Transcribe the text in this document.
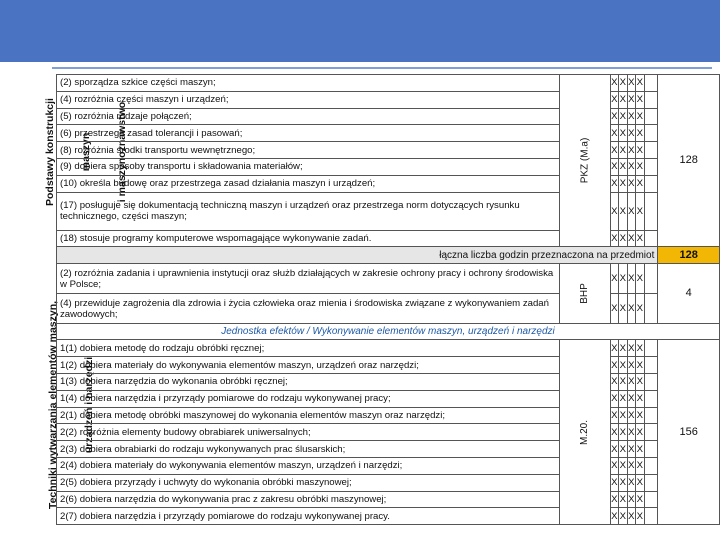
Podstawy konstrukcji

maszyn

i maszynoznawstwo

Techniki wytwarzania elementów maszyn,

urządzeń i narzędzi

(2) sporządza szkice części maszyn;	PKZ (M.a)	X	X	X	X		128
(4) rozróżnia części maszyn i urządzeń;		X	X	X	X		
(5) rozróżnia rodzaje połączeń;		X	X	X	X		
(6) przestrzega zasad tolerancji i pasowań;		X	X	X	X		
(8) rozróżnia środki transportu wewnętrznego;		X	X	X	X		
(9) dobiera sposoby transportu i składowania materiałów;		X	X	X	X		
(10) określa budowę oraz przestrzega zasad działania maszyn i urządzeń;		X	X	X	X		
(17) posługuje się dokumentacją techniczną maszyn i urządzeń oraz przestrzega norm dotyczących rysunku technicznego, części maszyn;		X	X	X	X		
(18) stosuje programy komputerowe wspomagające wykonywanie zadań.		X	X	X	X		
łączna liczba godzin przeznaczona na przedmiot							128
(2) rozróżnia zadania i uprawnienia instytucji oraz służb działających w zakresie ochrony pracy i ochrony środowiska w Polsce;	BHP	X	X	X	X		4
(4) przewiduje zagrożenia dla zdrowia i życia człowieka oraz mienia i środowiska związane z wykonywaniem zadań zawodowych;		X	X	X	X		
Jednostka efektów / Wykonywanie elementów maszyn, urządzeń i narzędzi							
1(1) dobiera metodę do rodzaju obróbki ręcznej;	M.20.	X	X	X	X		156
1(2) dobiera materiały do wykonywania elementów maszyn, urządzeń oraz narzędzi;		X	X	X	X		
1(3) dobiera narzędzia do wykonania obróbki ręcznej;		X	X	X	X		
1(4) dobiera narzędzia i przyrządy pomiarowe do rodzaju wykonywanej pracy;		X	X	X	X		
2(1) dobiera metodę obróbki maszynowej do wykonania elementów maszyn oraz narzędzi;		X	X	X	X		
2(2) rozróżnia elementy budowy obrabiarek uniwersalnych;		X	X	X	X		
2(3) dobiera obrabiarki do rodzaju wykonywanych prac ślusarskich;		X	X	X	X		
2(4) dobiera materiały do wykonywania elementów maszyn, urządzeń i narzędzi;		X	X	X	X		
2(5) dobiera przyrządy i uchwyty do wykonania obróbki maszynowej;		X	X	X	X		
2(6) dobiera narzędzia do wykonywania prac z zakresu obróbki maszynowej;		X	X	X	X		
2(7) dobiera narzędzia i przyrządy pomiarowe do rodzaju wykonywanej pracy.		X	X	X	X		
